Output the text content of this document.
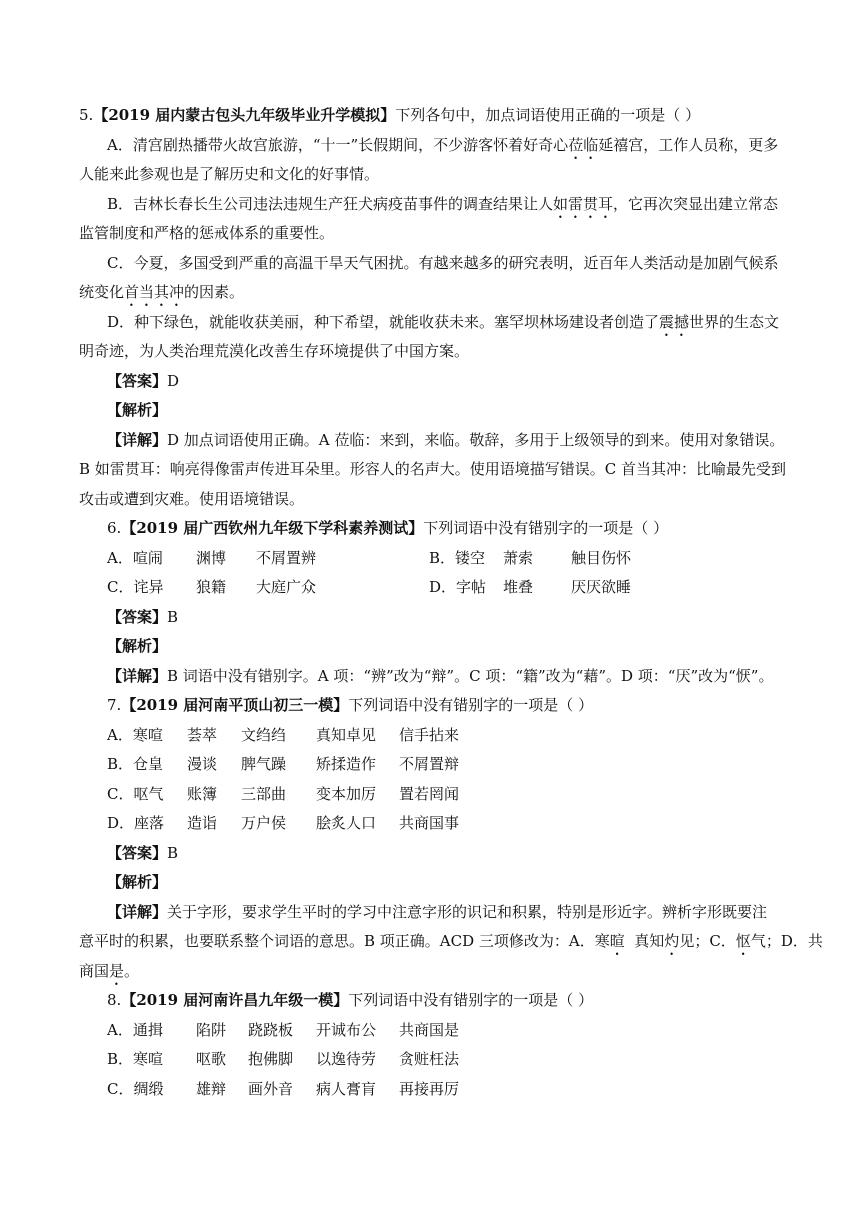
5.【2019 届内蒙古包头九年级毕业升学模拟】下列各句中，加点词语使用正确的一项是（ ）
A．清宫剧热播带火故宫旅游，“十一”长假期间，不少游客怀着好奇心莅临延禧宫，工作人员称，更多
人能来此参观也是了解历史和文化的好事情。
B．吉林长春长生公司违法违规生产狂犬病疫苗事件的调查结果让人如雷贯耳，它再次突显出建立常态
监管制度和严格的惩戒体系的重要性。
C．今夏，多国受到严重的高温干旱天气困扰。有越来越多的研究表明，近百年人类活动是加剧气候系
统变化首当其冲的因素。
D．种下绿色，就能收获美丽，种下希望，就能收获未来。塞罕坝林场建设者创造了震撼世界的生态文
明奇迹，为人类治理荒漠化改善生存环境提供了中国方案。
【答案】D
【解析】
【详解】D 加点词语使用正确。A 莅临：来到，来临。敬辞，多用于上级领导的到来。使用对象错误。
B 如雷贯耳：响亮得像雷声传进耳朵里。形容人的名声大。使用语境描写错误。C 首当其冲：比喻最先受到
攻击或遭到灾难。使用语境错误。
6.【2019 届广西钦州九年级下学科素养测试】下列词语中没有错别字的一项是（ ）
A．喧闹 渊博 不屑置辨	B．镂空 萧索	触目伤怀
C．诧异 狼籍 大庭广众	D．字帖 堆叠	厌厌欲睡
【答案】B
【解析】
【详解】B 词语中没有错别字。A 项：“辨”改为“辩”。C 项：“籍”改为“藉”。D 项：“厌”改为“恹”。
7.【2019 届河南平顶山初三一模】下列词语中没有错别字的一项是（ ）
A．寒喧 荟萃 文绉绉 真知卓见 信手拈来
B．仓皇 漫谈 脾气躁 矫揉造作 不屑置辩
C．呕气 账簿 三部曲 变本加厉 置若罔闻
D．座落 造诣 万户侯 脍炙人口 共商国事
【答案】B
【解析】
【详解】关于字形，要求学生平时的学习中注意字形的识记和积累，特别是形近字。辨析字形既要注
意平时的积累，也要联系整个词语的意思。B 项正确。ACD 三项修改为：A．寒暄  真知灼见；C．怄气；D．共
商国是。
8.【2019 届河南许昌九年级一模】下列词语中没有错别字的一项是（ ）
A．通揖 陷阱 跷跷板 开诚布公 共商国是
B．寒喧 呕歌 抱佛脚 以逸待劳 贪赃枉法
C．绸缎 雄辩 画外音 病人膏肓 再接再厉
